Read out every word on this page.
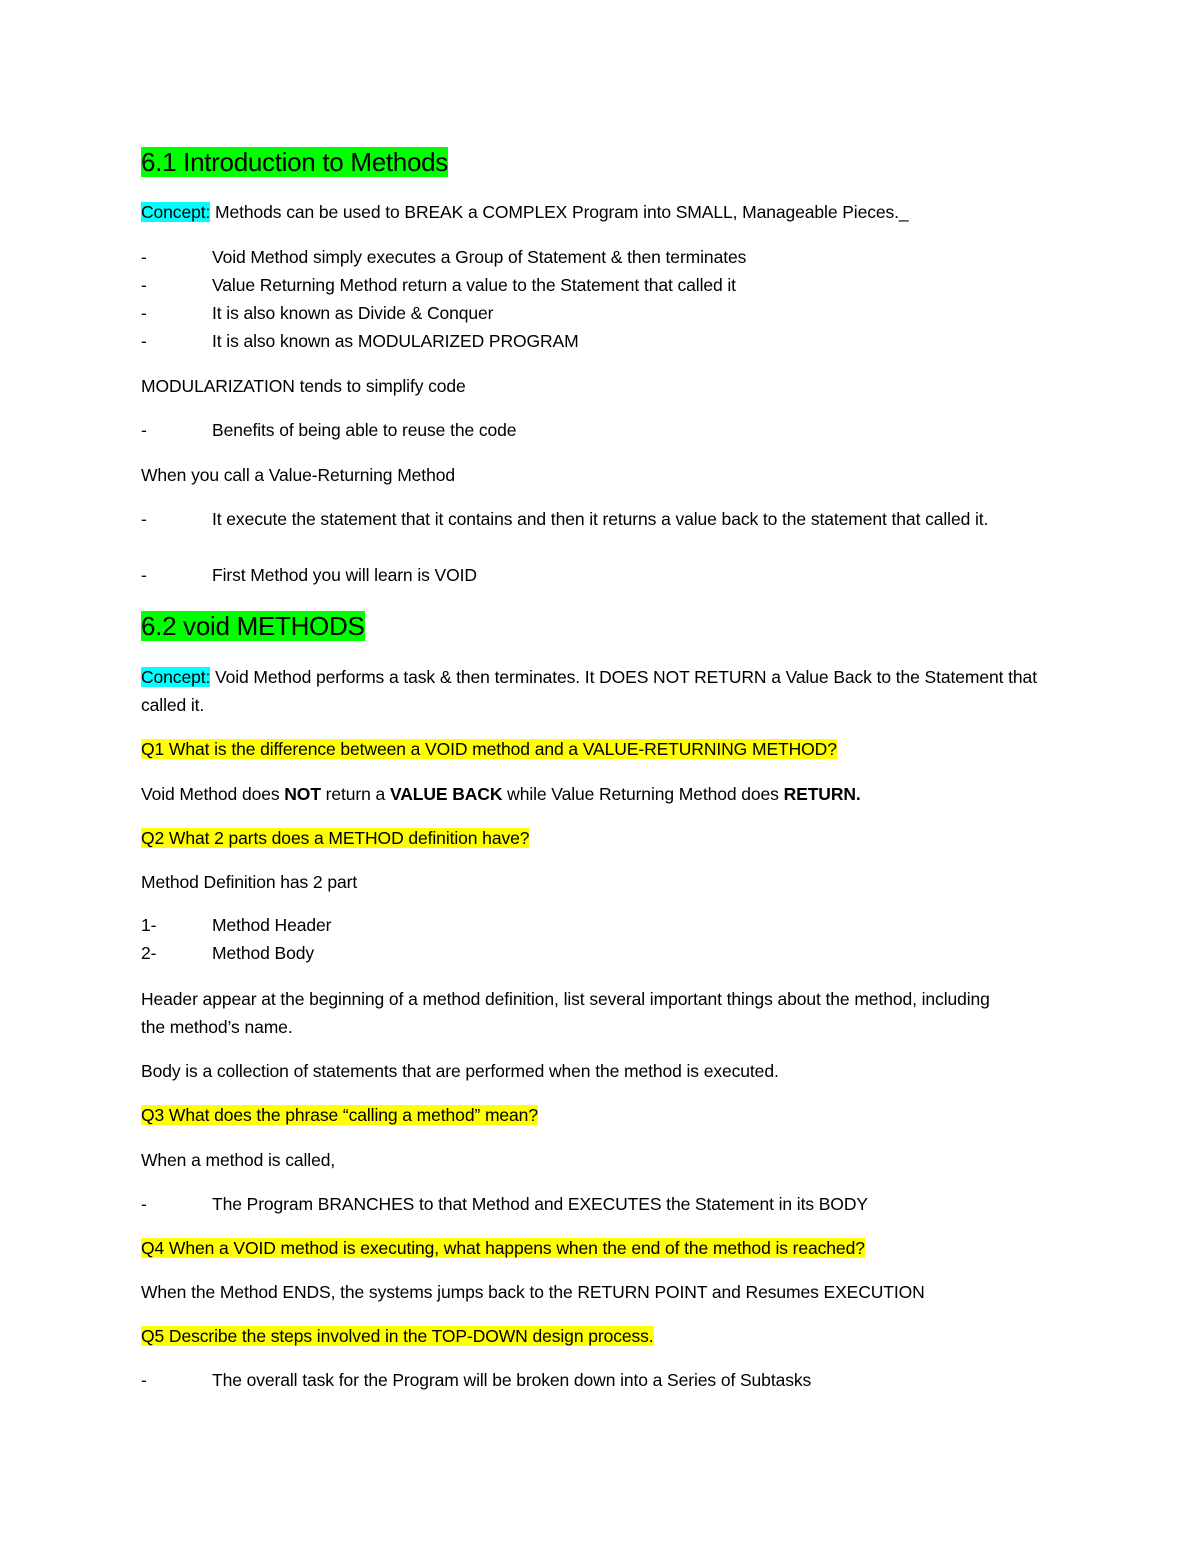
6.1 Introduction to Methods
Concept: Methods can be used to BREAK a COMPLEX Program into SMALL, Manageable Pieces._
-	Void Method simply executes a Group of Statement & then terminates
-	Value Returning Method return a value to the Statement that called it
-	It is also known as Divide & Conquer
-	It is also known as MODULARIZED PROGRAM
MODULARIZATION tends to simplify code
-	Benefits of being able to reuse the code
When you call a Value-Returning Method
-	It execute the statement that it contains and then it returns a value back to the statement that called it.
-	First Method you will learn is VOID
6.2 void METHODS
Concept: Void Method performs a task & then terminates. It DOES NOT RETURN a Value Back to the Statement that called it.
Q1 What is the difference between a VOID method and a VALUE-RETURNING METHOD?
Void Method does NOT return a VALUE BACK while Value Returning Method does RETURN.
Q2 What 2 parts does a METHOD definition have?
Method Definition has 2 part
1-	Method Header
2-	Method Body
Header appear at the beginning of a method definition, list several important things about the method, including the method’s name.
Body is a collection of statements that are performed when the method is executed.
Q3 What does the phrase “calling a method” mean?
When a method is called,
-	The Program BRANCHES to that Method and EXECUTES the Statement in its BODY
Q4 When a VOID method is executing, what happens when the end of the method is reached?
When the Method ENDS, the systems jumps back to the RETURN POINT and Resumes EXECUTION
Q5 Describe the steps involved in the TOP-DOWN design process.
-	The overall task for the Program will be broken down into a Series of Subtasks
